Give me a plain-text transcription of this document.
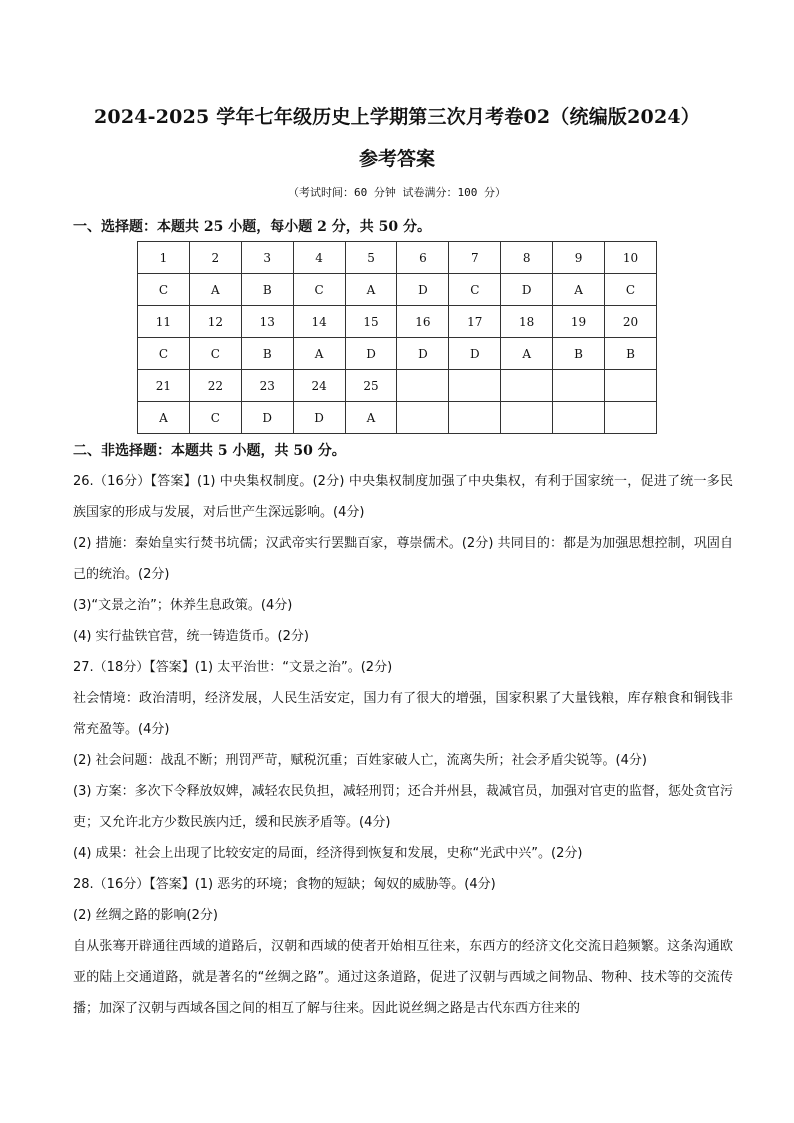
2024-2025 学年七年级历史上学期第三次月考卷02（统编版2024）
参考答案
（考试时间：60 分钟 试卷满分：100 分）
一、选择题：本题共 25 小题，每小题 2 分，共 50 分。
1	2	3	4	5	6	7	8	9	10
C	A	B	C	A	D	C	D	A	C
11	12	13	14	15	16	17	18	19	20
C	C	B	A	D	D	D	A	B	B
21	22	23	24	25					
A	C	D	D	A					
二、非选择题：本题共 5 小题，共 50 分。

26.（16分）【答案】(1) 中央集权制度。(2分) 中央集权制度加强了中央集权，有利于国家统一，促进了统一多民族国家的形成与发展，对后世产生深远影响。(4分)

(2) 措施：秦始皇实行焚书坑儒；汉武帝实行罢黜百家，尊崇儒术。(2分) 共同目的：都是为加强思想控制，巩固自己的统治。(2分)

(3)“文景之治”；休养生息政策。(4分)

(4) 实行盐铁官营，统一铸造货币。(2分)

27.（18分）【答案】(1) 太平治世：“文景之治”。(2分)

社会情境：政治清明，经济发展，人民生活安定，国力有了很大的增强，国家积累了大量钱粮，库存粮食和铜钱非常充盈等。(4分)

(2) 社会问题：战乱不断；刑罚严苛，赋税沉重；百姓家破人亡，流离失所；社会矛盾尖锐等。(4分)

(3) 方案：多次下令释放奴婢，减轻农民负担，减轻刑罚；还合并州县，裁减官员，加强对官吏的监督，惩处贪官污吏；又允许北方少数民族内迁，缓和民族矛盾等。(4分)

(4) 成果：社会上出现了比较安定的局面，经济得到恢复和发展，史称“光武中兴”。(2分)

28.（16分）【答案】(1) 恶劣的环境；食物的短缺；匈奴的威胁等。(4分)

(2) 丝绸之路的影响(2分)

自从张骞开辟通往西域的道路后，汉朝和西域的使者开始相互往来，东西方的经济文化交流日趋频繁。这条沟通欧亚的陆上交通道路，就是著名的“丝绸之路”。通过这条道路，促进了汉朝与西域之间物品、物种、技术等的交流传播；加深了汉朝与西域各国之间的相互了解与往来。因此说丝绸之路是古代东西方往来的
